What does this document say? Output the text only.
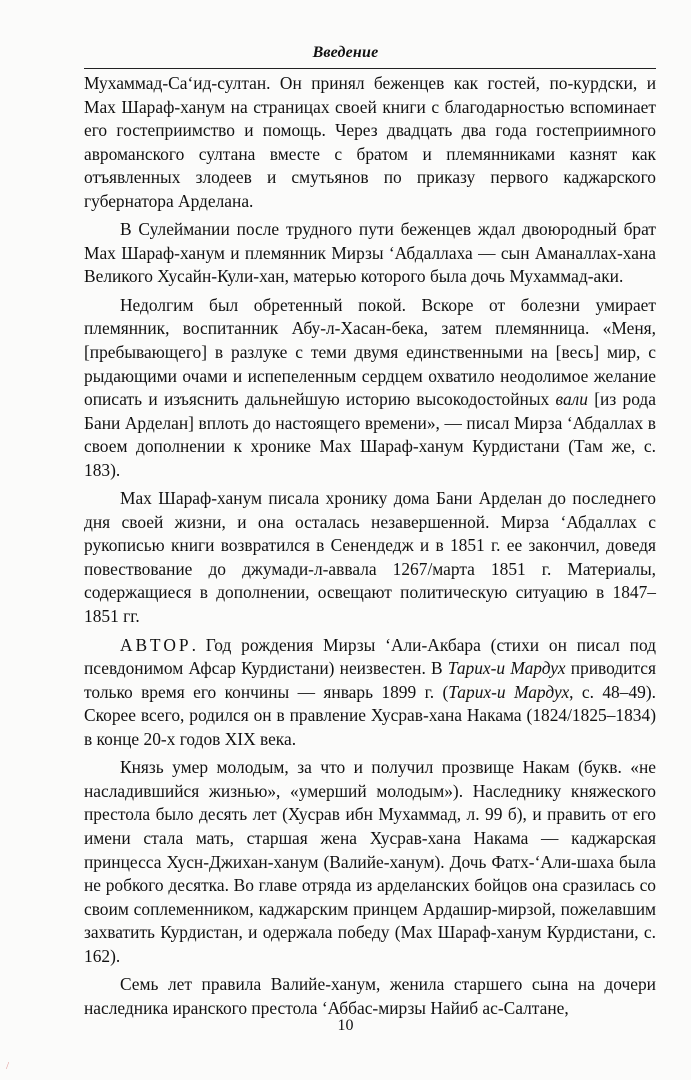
Введение

Мухаммад-Са‘ид-султан. Он принял беженцев как гостей, по-курдски, и Мах Шараф-ханум на страницах своей книги с благодарностью вспоминает его гостеприимство и помощь. Через двадцать два года гостеприимного авроманского султана вместе с братом и племянниками казнят как отъявленных злодеев и смутьянов по приказу первого каджарского губернатора Арделана.

В Сулеймании после трудного пути беженцев ждал двоюродный брат Мах Шараф-ханум и племянник Мирзы ‘Абдаллаха — сын Аманаллах-хана Великого Хусайн-Кули-хан, матерью которого была дочь Мухаммад-аки.

Недолгим был обретенный покой. Вскоре от болезни умирает племянник, воспитанник Абу-л-Хасан-бека, затем племянница. «Меня, [пребывающего] в разлуке с теми двумя единственными на [весь] мир, с рыдающими очами и испепеленным сердцем охватило неодолимое желание описать и изъяснить дальнейшую историю высокодостойных вали [из рода Бани Арделан] вплоть до настоящего времени», — писал Мирза ‘Абдаллах в своем дополнении к хронике Мах Шараф-ханум Курдистани (Там же, с. 183).

Мах Шараф-ханум писала хронику дома Бани Арделан до последнего дня своей жизни, и она осталась незавершенной. Мирза ‘Абдаллах с рукописью книги возвратился в Сенендедж и в 1851 г. ее закончил, доведя повествование до джумади-л-аввала 1267/марта 1851 г. Материалы, содержащиеся в дополнении, освещают политическую ситуацию в 1847–1851 гг.

АВТОР. Год рождения Мирзы ‘Али-Акбара (стихи он писал под псевдонимом Афсар Курдистани) неизвестен. В Тарих-и Мардух приводится только время его кончины — январь 1899 г. (Тарих-и Мардух, с. 48–49). Скорее всего, родился он в правление Хусрав-хана Накама (1824/1825–1834) в конце 20-х годов XIX века.

Князь умер молодым, за что и получил прозвище Накам (букв. «не насладившийся жизнью», «умерший молодым»). Наследнику княжеского престола было десять лет (Хусрав ибн Мухаммад, л. 99 б), и править от его имени стала мать, старшая жена Хусрав-хана Накама — каджарская принцесса Хусн-Джихан-ханум (Валийе-ханум). Дочь Фатх-‘Али-шаха была не робкого десятка. Во главе отряда из арделанских бойцов она сразилась со своим соплеменником, каджарским принцем Ардашир-мирзой, пожелавшим захватить Курдистан, и одержала победу (Мах Шараф-ханум Курдистани, с. 162).

Семь лет правила Валийе-ханум, женила старшего сына на дочери наследника иранского престола ‘Аббас-мирзы Найиб ас-Салтане,

10
/
